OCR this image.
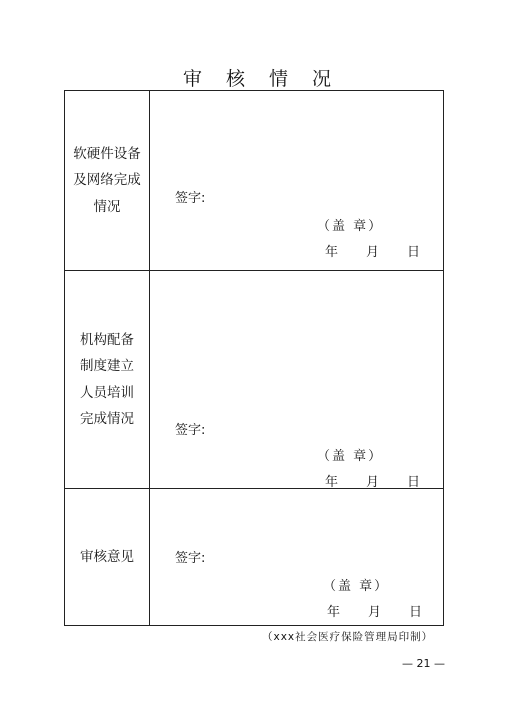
审 核 情 况
软硬件设备
及网络完成
情况
签字:
（盖 章）
年 月 日
机构配备
制度建立
人员培训
完成情况
签字:
（盖 章）
年 月 日
审核意见	签字:
（盖 章）
年 月 日
（xxx社会医疗保险管理局印制）
— 21 —
